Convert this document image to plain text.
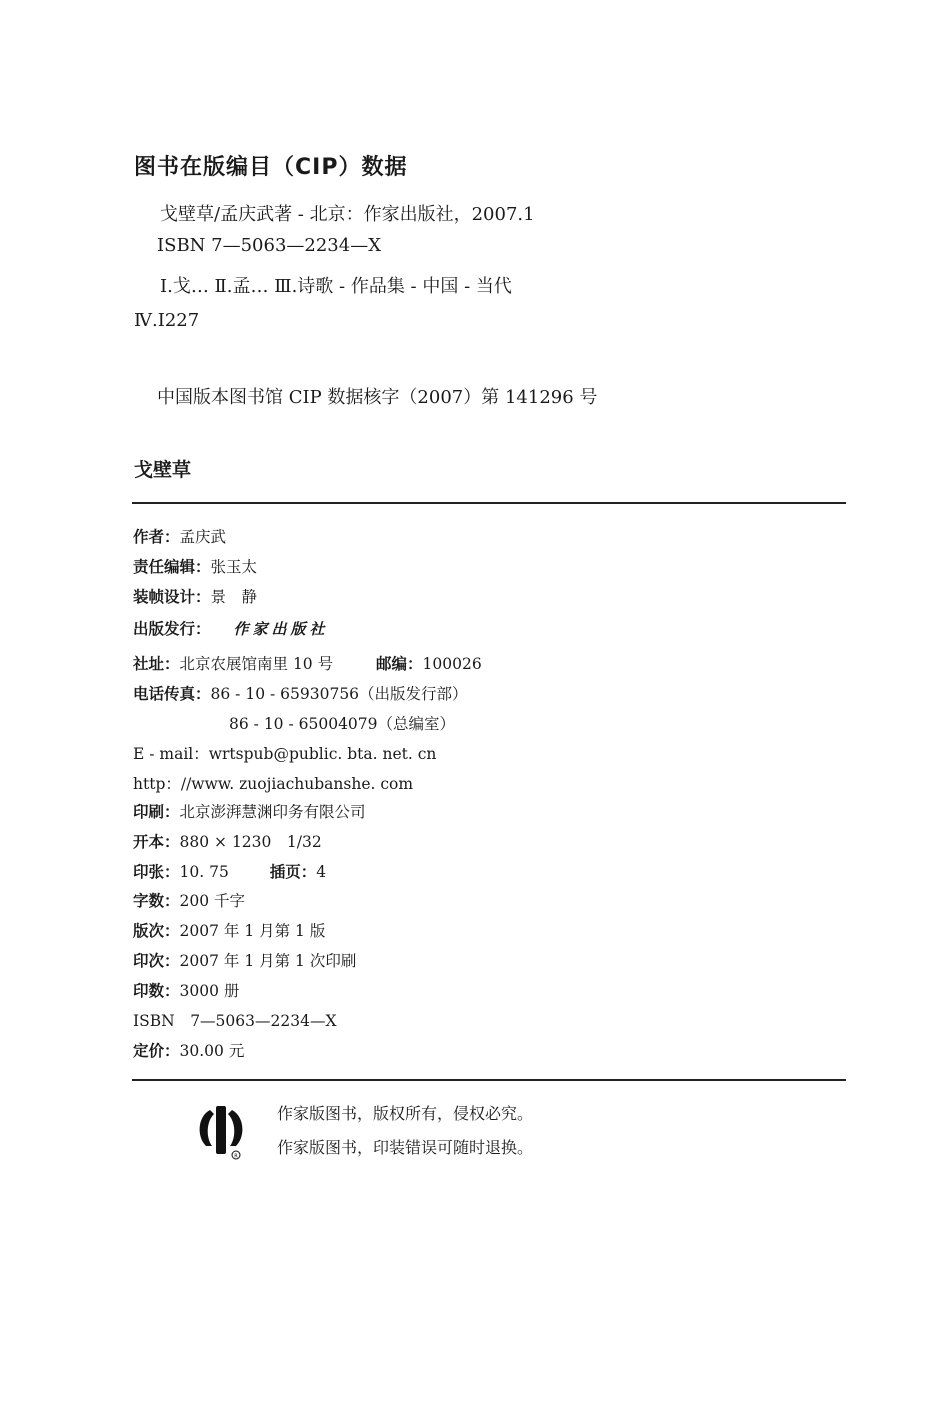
图书在版编目（CIP）数据
戈壁草/孟庆武著 - 北京：作家出版社，2007.1
ISBN 7—5063—2234—X
Ⅰ.戈… Ⅱ.孟… Ⅲ.诗歌 - 作品集 - 中国 - 当代
Ⅳ.I227
中国版本图书馆 CIP 数据核字（2007）第 141296 号
戈壁草
作者：孟庆武
责任编辑：张玉太
装帧设计：景　静
出版发行： 作家出版社
社址：北京农展馆南里 10 号	邮编：100026
电话传真：86 - 10 - 65930756（出版发行部）
86 - 10 - 65004079（总编室）
E - mail：wrtspub@public. bta. net. cn
http：//www. zuojiachubanshe. com
印刷：北京澎湃慧渊印务有限公司
开本：880 × 1230　1/32
印张：10. 75	插页：4
字数：200 千字
版次：2007 年 1 月第 1 版
印次：2007 年 1 月第 1 次印刷
印数：3000 册
ISBN　7—5063—2234—X
定价：30.00 元
R
作家版图书，版权所有，侵权必究。
作家版图书，印装错误可随时退换。
